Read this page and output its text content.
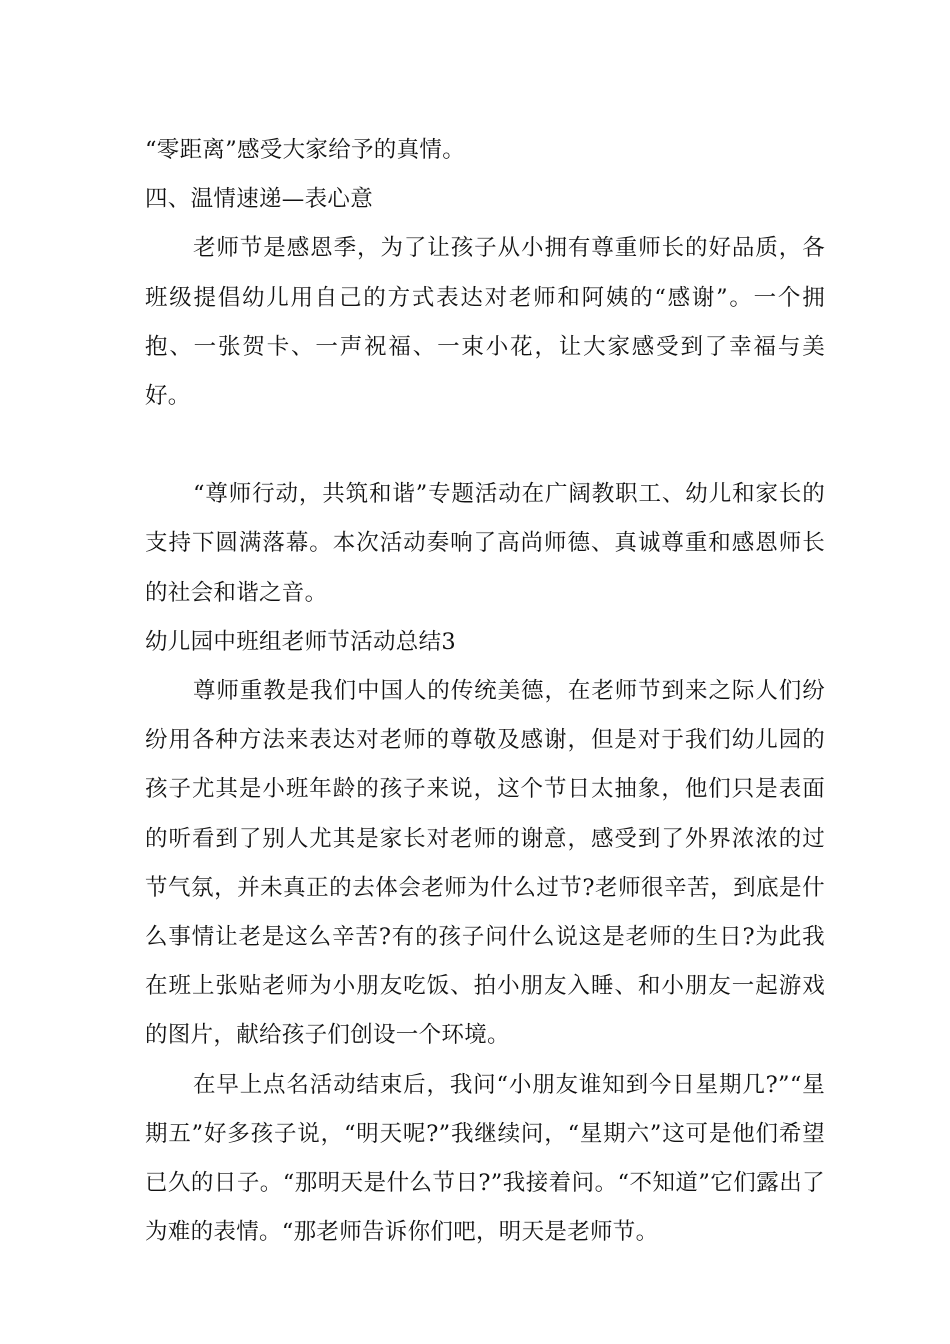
“零距离”感受大家给予的真情。

四、温情速递—表心意

老师节是感恩季，为了让孩子从小拥有尊重师长的好品质，各班级提倡幼儿用自己的方式表达对老师和阿姨的“感谢”。一个拥抱、一张贺卡、一声祝福、一束小花，让大家感受到了幸福与美好。

“尊师行动，共筑和谐”专题活动在广阔教职工、幼儿和家长的支持下圆满落幕。本次活动奏响了高尚师德、真诚尊重和感恩师长的社会和谐之音。

幼儿园中班组老师节活动总结3

尊师重教是我们中国人的传统美德，在老师节到来之际人们纷纷用各种方法来表达对老师的尊敬及感谢，但是对于我们幼儿园的孩子尤其是小班年龄的孩子来说，这个节日太抽象，他们只是表面的听看到了别人尤其是家长对老师的谢意，感受到了外界浓浓的过节气氛，并未真正的去体会老师为什么过节?老师很辛苦，到底是什么事情让老是这么辛苦?有的孩子问什么说这是老师的生日?为此我在班上张贴老师为小朋友吃饭、拍小朋友入睡、和小朋友一起游戏的图片，献给孩子们创设一个环境。

在早上点名活动结束后，我问“小朋友谁知到今日星期几?”“星期五”好多孩子说，“明天呢?”我继续问，“星期六”这可是他们希望已久的日子。“那明天是什么节日?”我接着问。“不知道”它们露出了为难的表情。“那老师告诉你们吧，明天是老师节。
